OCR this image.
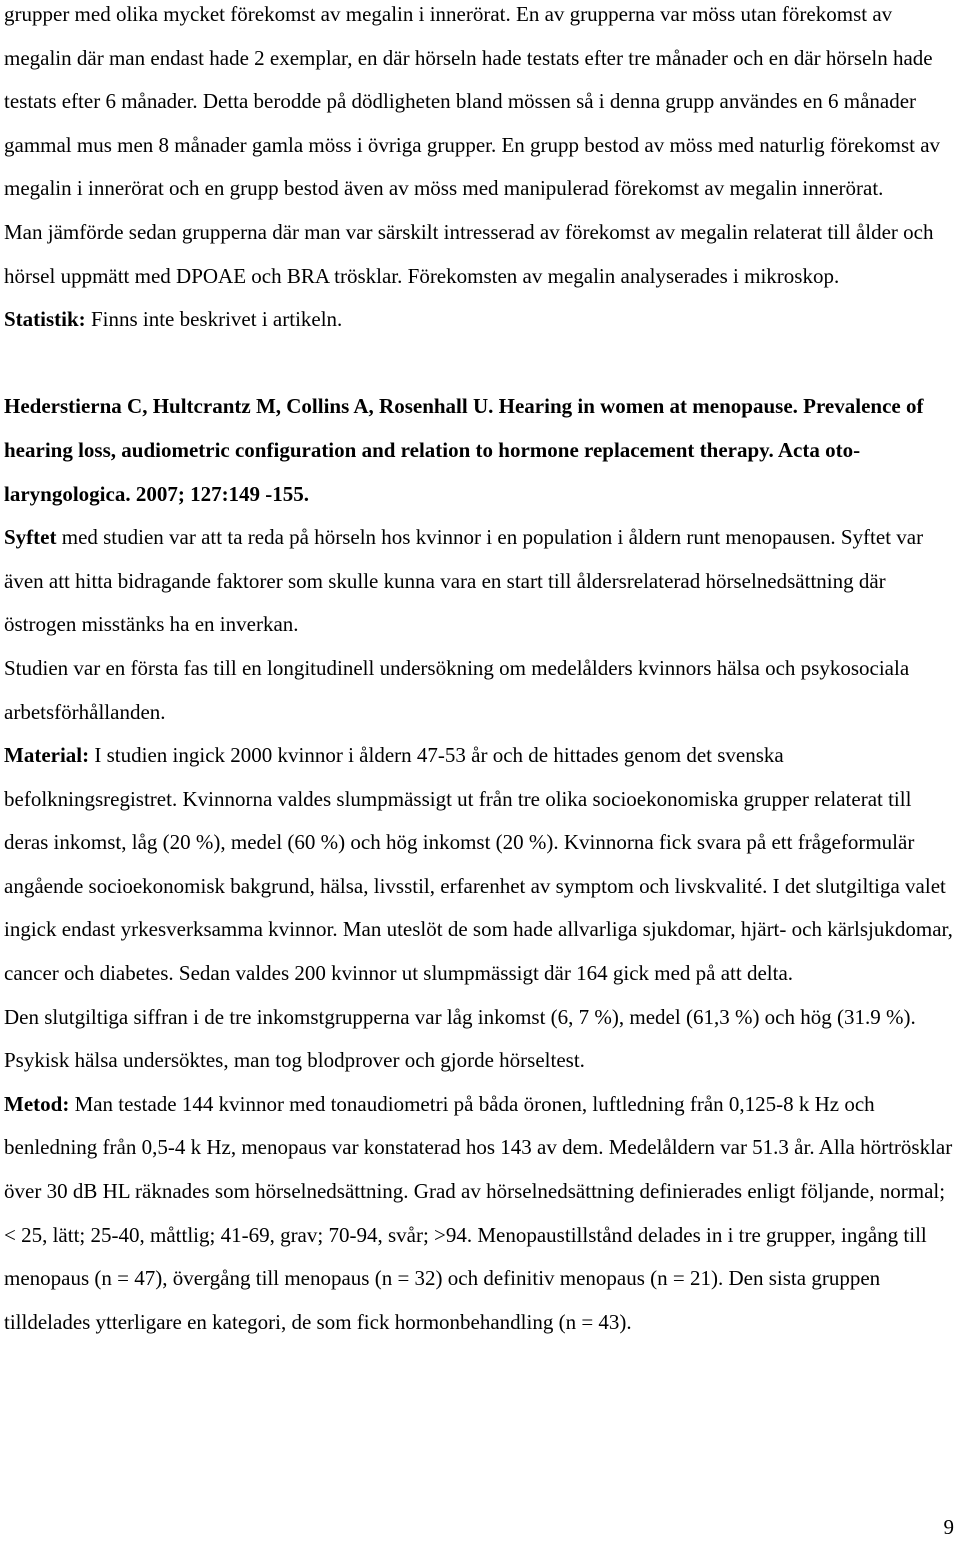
grupper med olika mycket förekomst av megalin i innerörat. En av grupperna var möss utan förekomst av megalin där man endast hade 2 exemplar, en där hörseln hade testats efter tre månader och en där hörseln hade testats efter 6 månader. Detta berodde på dödligheten bland mössen så i denna grupp användes en 6 månader gammal mus men 8 månader gamla möss i övriga grupper. En grupp bestod av möss med naturlig förekomst av megalin i innerörat och en grupp bestod även av möss med manipulerad förekomst av megalin innerörat.

Man jämförde sedan grupperna där man var särskilt intresserad av förekomst av megalin relaterat till ålder och hörsel uppmätt med DPOAE och BRA trösklar. Förekomsten av megalin analyserades i mikroskop.

Statistik: Finns inte beskrivet i artikeln.

Hederstierna C, Hultcrantz M, Collins A, Rosenhall U. Hearing in women at menopause. Prevalence of hearing loss, audiometric configuration and relation to hormone replacement therapy. Acta oto-laryngologica. 2007; 127:149 -155.

Syftet med studien var att ta reda på hörseln hos kvinnor i en population i åldern runt menopausen. Syftet var även att hitta bidragande faktorer som skulle kunna vara en start till åldersrelaterad hörselnedsättning där östrogen misstänks ha en inverkan.

Studien var en första fas till en longitudinell undersökning om medelålders kvinnors hälsa och psykosociala arbetsförhållanden.

Material: I studien ingick 2000 kvinnor i åldern 47-53 år och de hittades genom det svenska befolkningsregistret. Kvinnorna valdes slumpmässigt ut från tre olika socioekonomiska grupper relaterat till deras inkomst, låg (20 %), medel (60 %) och hög inkomst (20 %). Kvinnorna fick svara på ett frågeformulär angående socioekonomisk bakgrund, hälsa, livsstil, erfarenhet av symptom och livskvalité. I det slutgiltiga valet ingick endast yrkesverksamma kvinnor. Man uteslöt de som hade allvarliga sjukdomar, hjärt- och kärlsjukdomar, cancer och diabetes. Sedan valdes 200 kvinnor ut slumpmässigt där 164 gick med på att delta.

Den slutgiltiga siffran i de tre inkomstgrupperna var låg inkomst (6, 7 %), medel (61,3 %) och hög (31.9 %). Psykisk hälsa undersöktes, man tog blodprover och gjorde hörseltest.

Metod: Man testade 144 kvinnor med tonaudiometri på båda öronen, luftledning från 0,125-8 k Hz och benledning från 0,5-4 k Hz, menopaus var konstaterad hos 143 av dem. Medelåldern var 51.3 år. Alla hörtrösklar över 30 dB HL räknades som hörselnedsättning. Grad av hörselnedsättning definierades enligt följande, normal; < 25, lätt; 25-40, måttlig; 41-69, grav; 70-94, svår; >94. Menopaustillstånd delades in i tre grupper, ingång till menopaus (n = 47), övergång till menopaus (n = 32) och definitiv menopaus (n = 21). Den sista gruppen tilldelades ytterligare en kategori, de som fick hormonbehandling (n = 43).

9
